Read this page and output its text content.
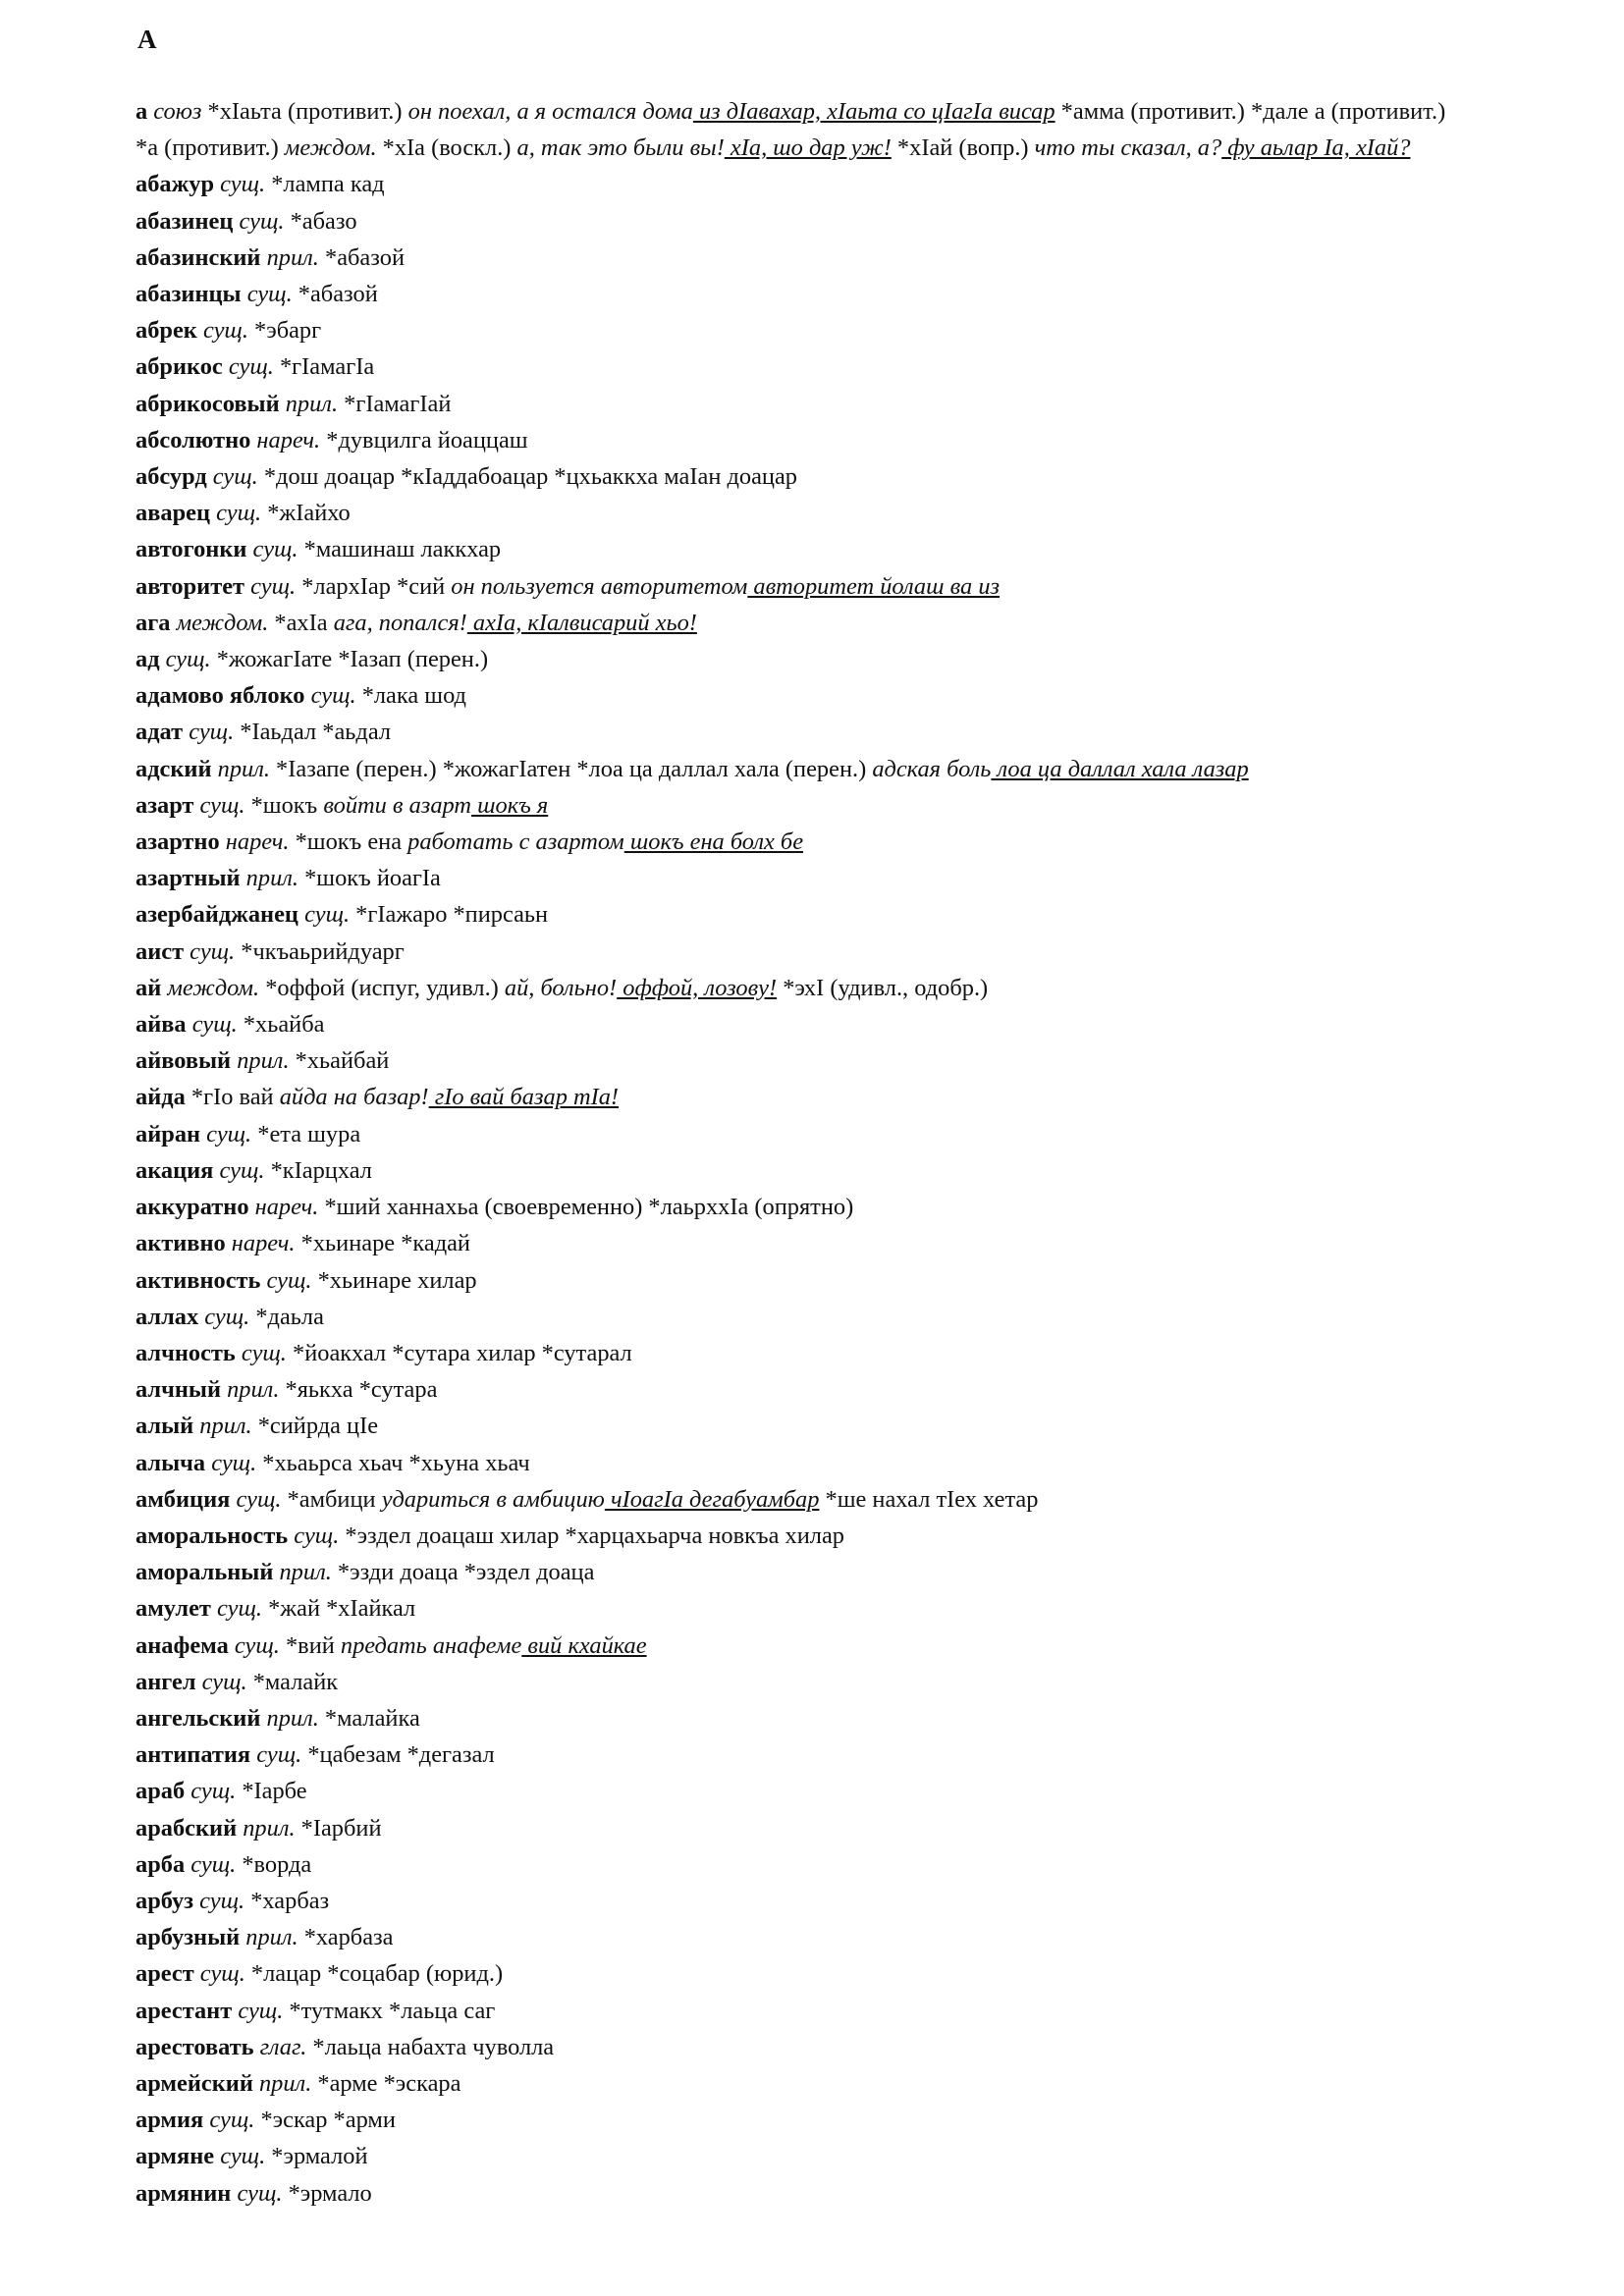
А

а союз *хIаьта (противит.) он поехал, а я остался дома из дIавахар, хIаьта со цIагIа висар *амма (противит.) *дале а (противит.) *а (противит.) междом. *хIа (воскл.) а, так это были вы! хIа, шо дар уж! *хIай (вопр.) что ты сказал, а? фу аьлар Iа, хIай?

абажур сущ. *лампа кад

абазинец сущ. *абазо

абазинский прил. *абазой

абазинцы сущ. *абазой

абрек сущ. *эбарг

абрикос сущ. *гIамагIа

абрикосовый прил. *гIамагIай

абсолютно нареч. *дувцилга йоаццаш

абсурд сущ. *дош доацар *кIаддабоацар *цхьаккха маIан доацар

аварец сущ. *жIайхо

автогонки сущ. *машинаш лаккхар

авторитет сущ. *лархIар *сий он пользуется авторитетом авторитет йолаш ва из

ага междом. *ахIа ага, попался! ахIа, кIалвисарий хьо!

ад сущ. *жожагIате *Iазап (перен.)

адамово яблоко сущ. *лака шод

адат сущ. *Iаьдал *аьдал

адский прил. *Iазапе (перен.) *жожагIатен *лоа ца даллал хала (перен.) адская боль лоа ца даллал хала лазар

азарт сущ. *шокъ войти в азарт шокъ я

азартно нареч. *шокъ ена работать с азартом шокъ ена болх бе

азартный прил. *шокъ йоагIа

азербайджанец сущ. *гIажаро *пирсаьн

аист сущ. *чкъаьрийдуарг

ай междом. *оффой (испуг, удивл.) ай, больно! оффой, лозову! *эхI (удивл., одобр.)

айва сущ. *хьайба

айвовый прил. *хьайбай

айда *гIо вай айда на базар! гIо вай базар тIа!

айран сущ. *ета шура

акация сущ. *кIарцхал

аккуратно нареч. *ший ханнахьа (своевременно) *лаьрххIа (опрятно)

активно нареч. *хьинаре *кадай

активность сущ. *хьинаре хилар

аллах сущ. *даьла

алчность сущ. *йоакхал *сутара хилар *сутарал

алчный прил. *яькха *сутара

алый прил. *сийрда цIе

алыча сущ. *хьаьрса хьач *хьуна хьач

амбиция сущ. *амбици удариться в амбицию чIоагIа дегабуамбар *ше нахал тIех хетар

аморальность сущ. *эздел доацаш хилар *харцахьарча новкъа хилар

аморальный прил. *эзди доаца *эздел доаца

амулет сущ. *жай *хIайкал

анафема сущ. *вий предать анафеме вий кхайкае

ангел сущ. *малайк

ангельский прил. *малайка

антипатия сущ. *цабезам *дегазал

араб сущ. *Iарбе

арабский прил. *Iарбий

арба сущ. *ворда

арбуз сущ. *харбаз

арбузный прил. *харбаза

арест сущ. *лацар *соцабар (юрид.)

арестант сущ. *тутмакх *лаьца саг

арестовать глаг. *лаьца набахта чуволла

армейский прил. *арме *эскара

армия сущ. *эскар *арми

армяне сущ. *эрмалой

армянин сущ. *эрмало
